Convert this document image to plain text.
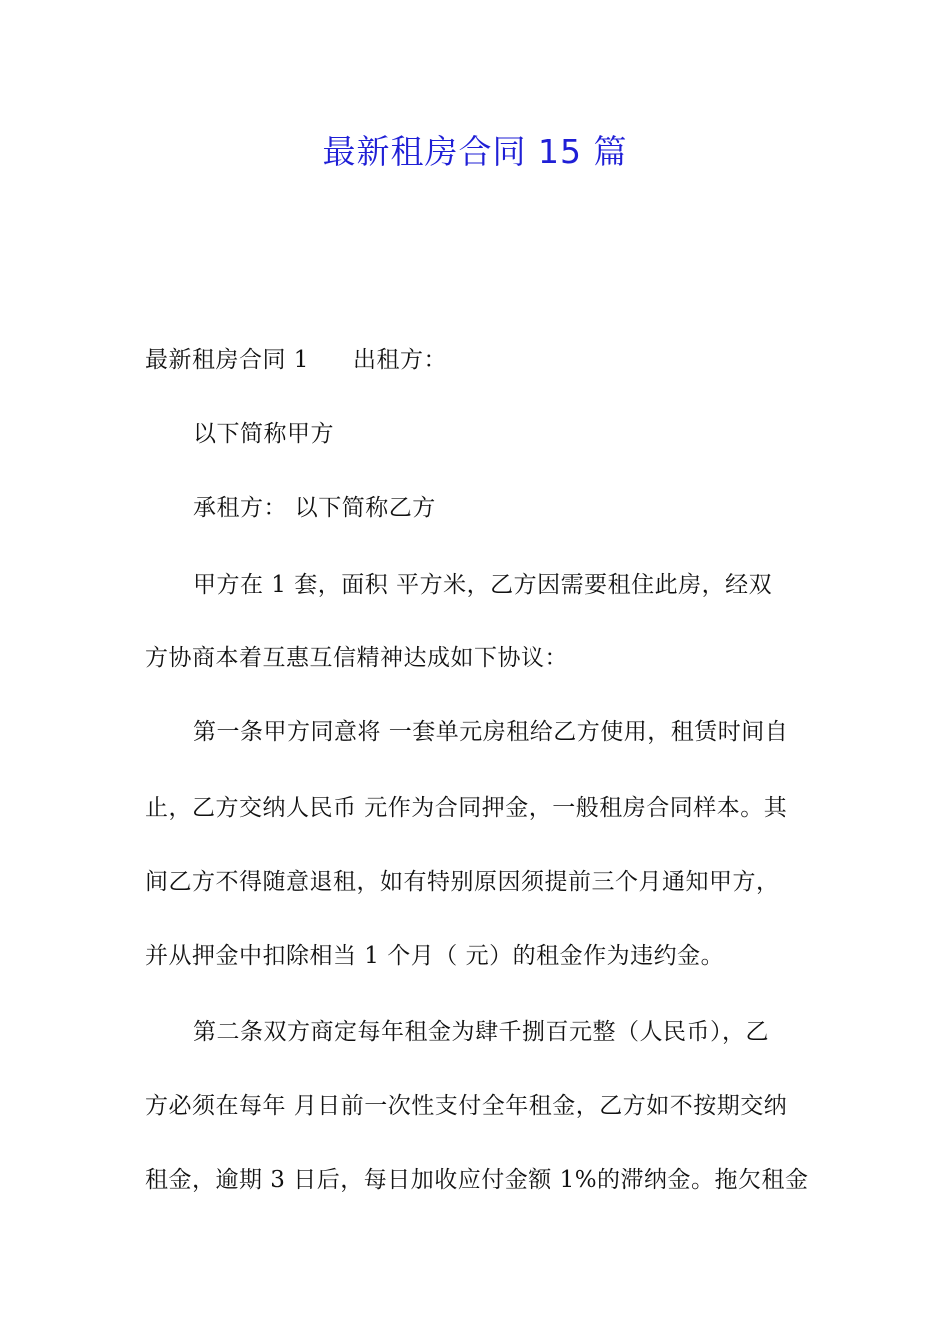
最新租房合同 15 篇
最新租房合同 1 出租方：
以下简称甲方
承租方： 以下简称乙方
甲方在 1 套，面积 平方米，乙方因需要租住此房，经双
方协商本着互惠互信精神达成如下协议：
第一条甲方同意将 一套单元房租给乙方使用，租赁时间自
止，乙方交纳人民币 元作为合同押金，一般租房合同样本。其
间乙方不得随意退租，如有特别原因须提前三个月通知甲方，
并从押金中扣除相当 1 个月（ 元）的租金作为违约金。
第二条双方商定每年租金为肆千捌百元整（人民币），乙
方必须在每年 月日前一次性支付全年租金，乙方如不按期交纳
租金，逾期 3 日后，每日加收应付金额 1%的滞纳金。拖欠租金
